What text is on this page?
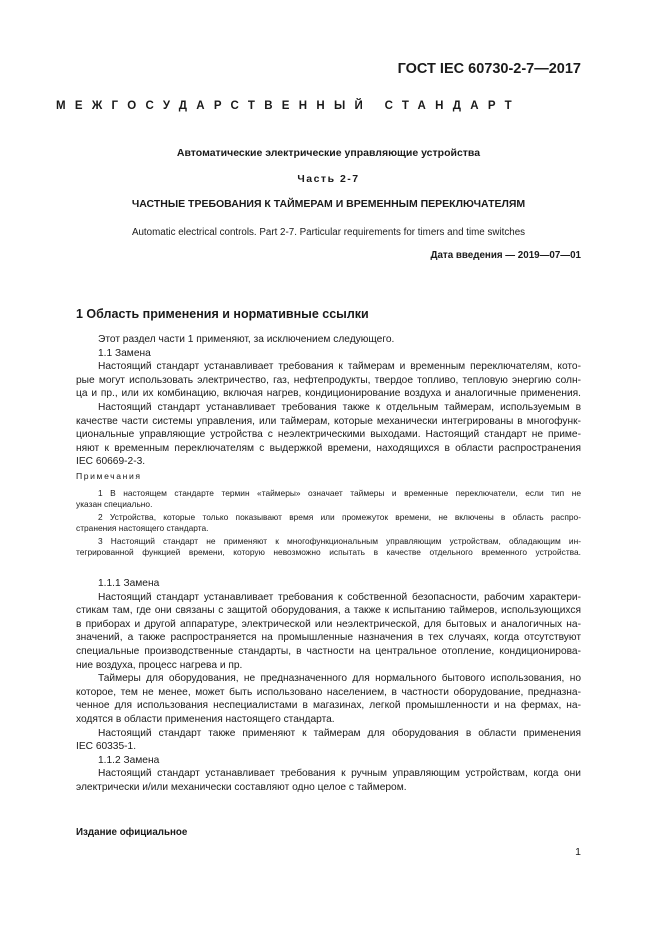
ГОСТ IEC 60730-2-7—2017
МЕЖГОСУДАРСТВЕННЫЙ СТАНДАРТ
Автоматические электрические управляющие устройства
Часть 2-7
ЧАСТНЫЕ ТРЕБОВАНИЯ К ТАЙМЕРАМ И ВРЕМЕННЫМ ПЕРЕКЛЮЧАТЕЛЯМ
Automatic electrical controls. Part 2-7. Particular requirements for timers and time switches
Дата введения — 2019—07—01
1 Область применения и нормативные ссылки
Этот раздел части 1 применяют, за исключением следующего.
1.1 Замена
Настоящий стандарт устанавливает требования к таймерам и временным переключателям, кото-
рые могут использовать электричество, газ, нефтепродукты, твердое топливо, тепловую энергию солн-
ца и пр., или их комбинацию, включая нагрев, кондиционирование воздуха и аналогичные применения.
Настоящий стандарт устанавливает требования также к отдельным таймерам, используемым в
качестве части системы управления, или таймерам, которые механически интегрированы в многофунк-
циональные управляющие устройства с неэлектрическими выходами. Настоящий стандарт не приме-
няют к временным переключателям с выдержкой времени, находящихся в области распространения
IEC 60669-2-3.
Примечания
1 В настоящем стандарте термин «таймеры» означает таймеры и временные переключатели, если тип не
указан специально.
2 Устройства, которые только показывают время или промежуток времени, не включены в область распро-
странения настоящего стандарта.
3 Настоящий стандарт не применяют к многофункциональным управляющим устройствам, обладающим ин-
тегрированной функцией времени, которую невозможно испытать в качестве отдельного временного устройства.
1.1.1 Замена
Настоящий стандарт устанавливает требования к собственной безопасности, рабочим характери-
стикам там, где они связаны с защитой оборудования, а также к испытанию таймеров, использующихся
в приборах и другой аппаратуре, электрической или неэлектрической, для бытовых и аналогичных на-
значений, а также распространяется на промышленные назначения в тех случаях, когда отсутствуют
специальные производственные стандарты, в частности на центральное отопление, кондиционирова-
ние воздуха, процесс нагрева и пр.
Таймеры для оборудования, не предназначенного для нормального бытового использования, но
которое, тем не менее, может быть использовано населением, в частности оборудование, предназна-
ченное для использования неспециалистами в магазинах, легкой промышленности и на фермах, на-
ходятся в области применения настоящего стандарта.
Настоящий стандарт также применяют к таймерам для оборудования в области применения
IEC 60335-1.
1.1.2 Замена
Настоящий стандарт устанавливает требования к ручным управляющим устройствам, когда они
электрически и/или механически составляют одно целое с таймером.
Издание официальное
1
